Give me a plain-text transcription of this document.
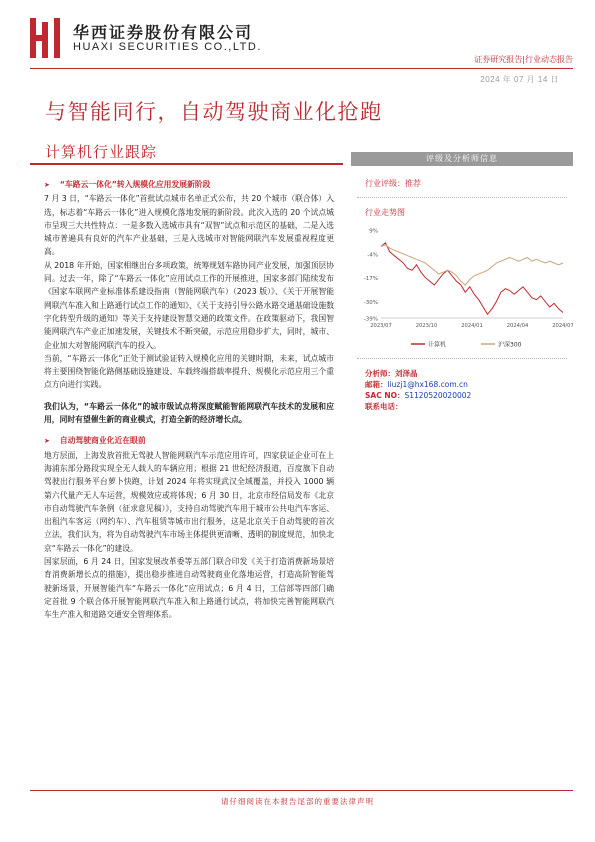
华西证券股份有限公司
HUAXI SECURITIES CO.,LTD.
证券研究报告|行业动态报告
2024 年 07 月 14 日
与智能同行，自动驾驶商业化抢跑
计算机行业跟踪

➤ “车路云一体化”转入规模化应用发展新阶段

7 月 3 日，“车路云一体化”首批试点城市名单正式公布，共 20 个城市（联合体）入选，标志着“车路云一体化”进入规模化落地发展的新阶段。此次入选的 20 个试点城市呈现三大共性特点：一是多数入选城市具有“双智”试点和示范区的基础，二是入选城市普遍具有良好的汽车产业基础，三是入选城市对智能网联汽车发展重视程度更高。

从 2018 年开始，国家相继出台多项政策，统筹规划车路协同产业发展，加强顶层协同。过去一年，除了“车路云一体化”应用试点工作的开展推进，国家多部门陆续发布《国家车联网产业标准体系建设指南（智能网联汽车）（2023 版）》、《关于开展智能网联汽车准入和上路通行试点工作的通知》、《关于支持引导公路水路交通基础设施数字化转型升级的通知》等关于支持建设智慧交通的政策文件。在政策驱动下，我国智能网联汽车产业正加速发展，关键技术不断突破，示范应用稳步扩大，同时，城市、企业加大对智能网联汽车的投入。

当前，“车路云一体化”正处于测试验证转入规模化应用的关键时期，未来，试点城市将主要围绕智能化路侧基础设施建设、车载终端搭载率提升、规模化示范应用三个重点方向进行实践。

我们认为，“车路云一体化”的城市级试点将深度赋能智能网联汽车技术的发展和应用，同时有望催生新的商业模式，打造全新的经济增长点。

➤ 自动驾驶商业化近在眼前

地方层面，上海发放首批无驾驶人智能网联汽车示范应用许可，四家获证企业可在上海浦东部分路段实现全无人载人的车辆应用；根据 21 世纪经济报道，百度旗下自动驾驶出行服务平台萝卜快跑，计划 2024 年将实现武汉全域覆盖，并投入 1000 辆第六代量产无人车运营，规模效应或将体现；6 月 30 日，北京市经信局发布《北京市自动驾驶汽车条例（征求意见稿）》，支持自动驾驶汽车用于城市公共电汽车客运、出租汽车客运（网约车）、汽车租赁等城市出行服务，这是北京关于自动驾驶的首次立法，我们认为，将为自动驾驶汽车市场主体提供更清晰、透明的制度规范，加快北京“车路云一体化”的建设。

国家层面，6 月 24 日，国家发展改革委等五部门联合印发《关于打造消费新场景培育消费新增长点的措施》，提出稳步推进自动驾驶商业化落地运营，打造高阶智能驾驶新场景，开展智能汽车“车路云一体化”应用试点；6 月 4 日，工信部等四部门确定首批 9 个联合体开展智能网联汽车准入和上路通行试点，将加快完善智能网联汽车生产准入和道路交通安全管理体系。

评级及分析师信息
行业评级：推荐
行业走势图
9%
-4%
-17%
-30%
-39%
2023/07	2023/10	2024/01	2024/04	2024/07
计算机	沪深300
分析师：刘泽晶
邮箱：liuzj1@hx168.com.cn
SAC NO：S1120520020002
联系电话：
请仔细阅读在本报告尾部的重要法律声明
